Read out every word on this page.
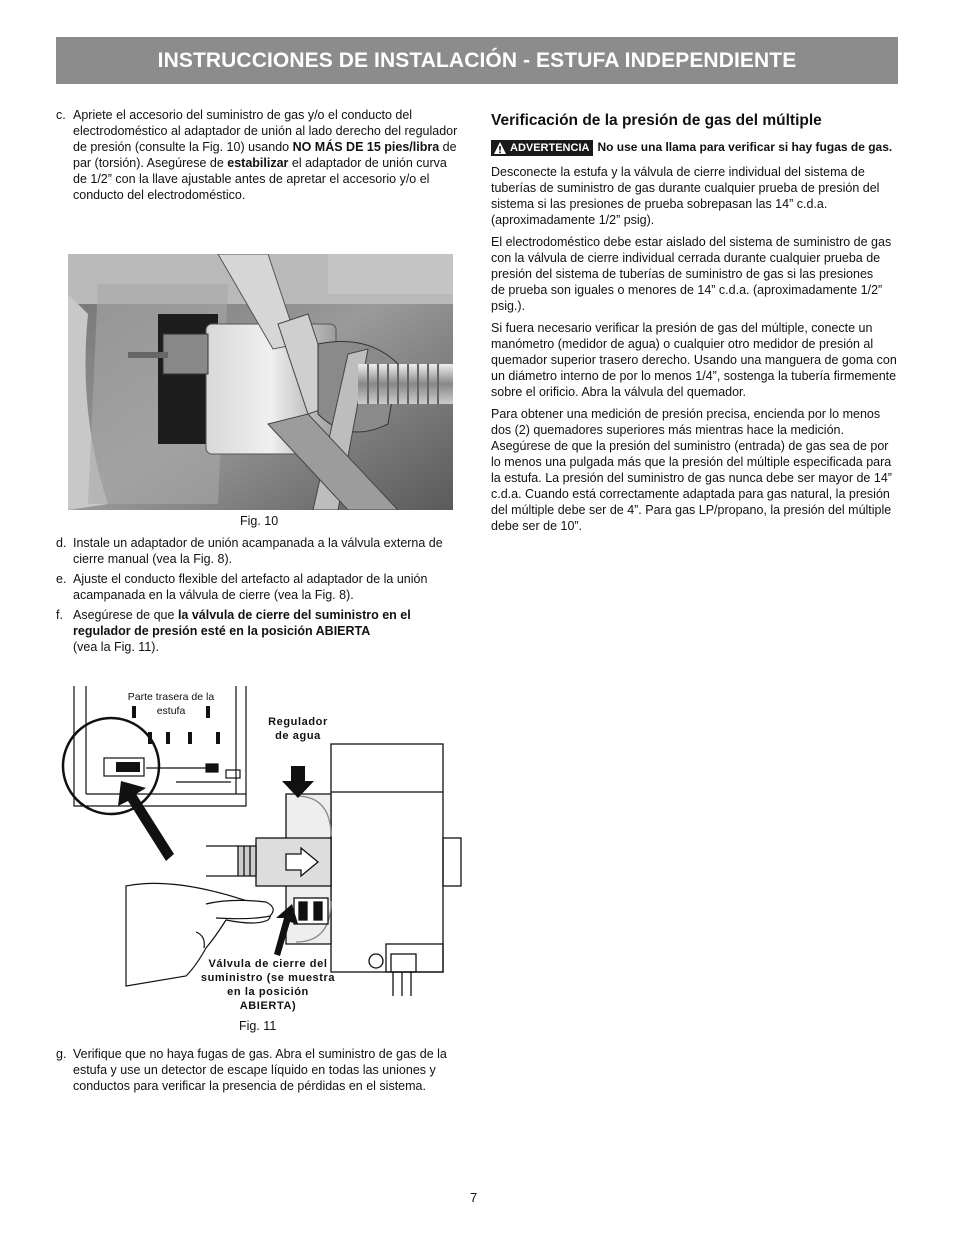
INSTRUCCIONES DE INSTALACIÓN - ESTUFA INDEPENDIENTE
c. Apriete el accesorio del suministro de gas y/o el conducto del electrodoméstico al adaptador de unión al lado derecho del regulador de presión (consulte la Fig. 10) usando NO MÁS DE 15 pies/libra de par (torsión). Asegúrese de estabilizar el adaptador de unión curva de 1/2” con la llave ajustable antes de apretar el accesorio y/o el conducto del electrodoméstico.
Fig. 10
d. Instale un adaptador de unión acampanada a la válvula externa de cierre manual (vea la Fig. 8).
e. Ajuste el conducto flexible del artefacto al adaptador de la unión acampanada en la válvula de cierre (vea la Fig. 8).
f. Asegúrese de que la válvula de cierre del suministro en el regulador de presión esté en la posición ABIERTA
(vea la Fig. 11).
Parte trasera de la estufa
Regulador de agua
Válvula de cierre del suministro (se muestra en la posición ABIERTA)
Fig. 11
g. Verifique que no haya fugas de gas. Abra el suministro de gas de la estufa y use un detector de escape líquido en todas las uniones y conductos para verificar la presencia de pérdidas en el sistema.
Verificación de la presión de gas del múltiple
ADVERTENCIA No use una llama para verificar si hay fugas de gas.

Desconecte la estufa y la válvula de cierre individual del sistema de tuberías de suministro de gas durante cualquier prueba de presión del sistema si las presiones de prueba sobrepasan las 14” c.d.a. (aproximadamente 1/2” psig).

El electrodoméstico debe estar aislado del sistema de suministro de gas con la válvula de cierre individual cerrada durante cualquier prueba de presión del sistema de tuberías de suministro de gas si las presiones

de prueba son iguales o menores de 14” c.d.a. (aproximadamente 1/2” psig.).

Si fuera necesario verificar la presión de gas del múltiple, conecte un manómetro (medidor de agua) o cualquier otro medidor de presión al quemador superior trasero derecho. Usando una manguera de goma con un diámetro interno de por lo menos 1/4”, sostenga la tubería firmemente sobre el orificio. Abra la válvula del quemador.

Para obtener una medición de presión precisa, encienda por lo menos dos (2) quemadores superiores más mientras hace la medición. Asegúrese de que la presión del suministro (entrada) de gas sea de por lo menos una pulgada más que la presión del múltiple especificada para la estufa. La presión del suministro de gas nunca debe ser mayor de 14” c.d.a. Cuando está correctamente adaptada para gas natural, la presión del múltiple debe ser de 4”. Para gas LP/propano, la presión del múltiple debe ser de 10”.

7
